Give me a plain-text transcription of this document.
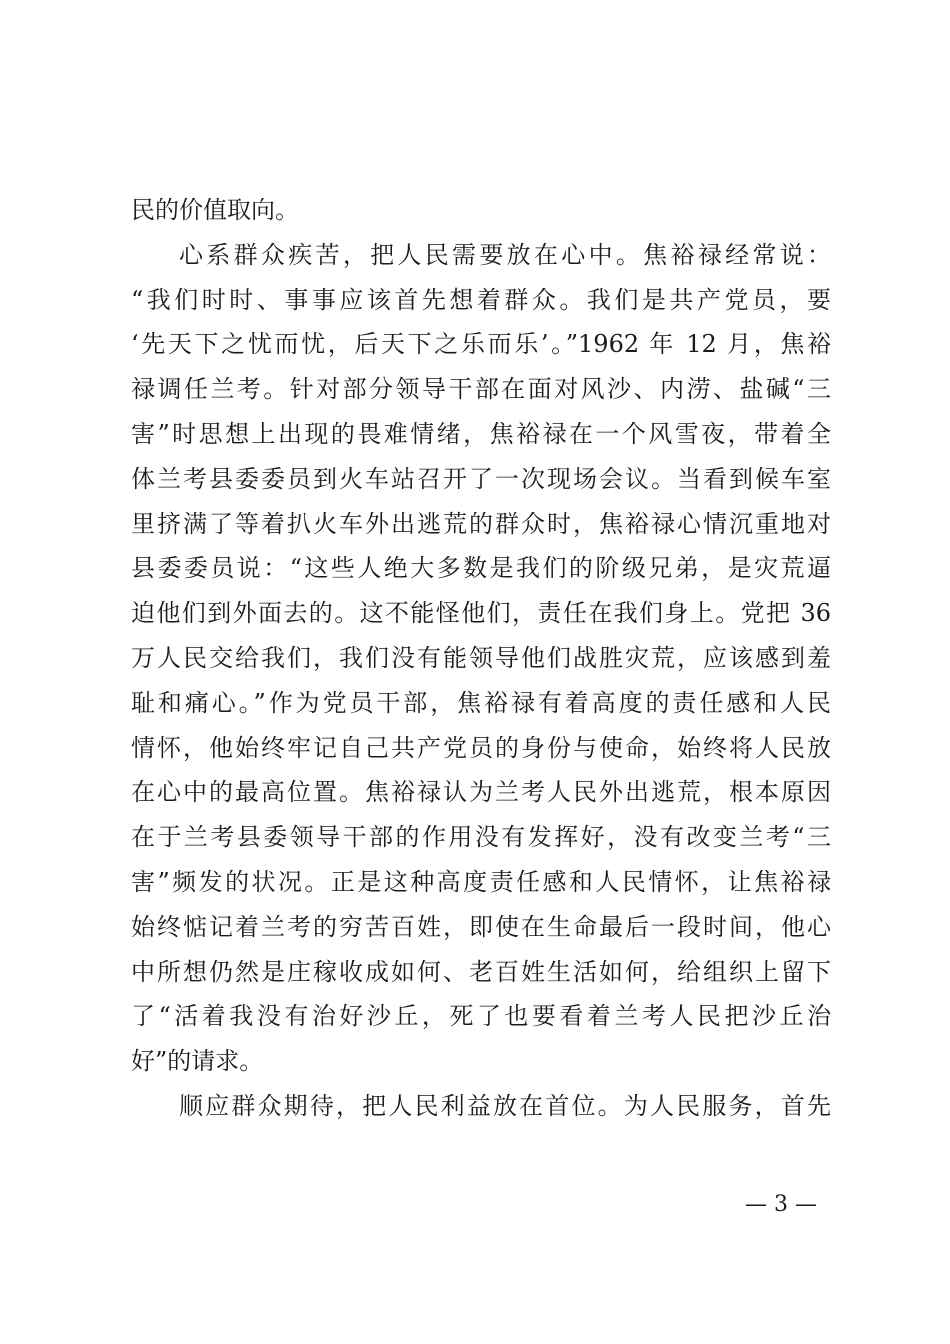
民的价值取向。
心系群众疾苦，把人民需要放在心中。焦裕禄经常说：
“我们时时、事事应该首先想着群众。我们是共产党员，要
‘先天下之忧而忧，后天下之乐而乐’。”1962 年 12 月，焦裕
禄调任兰考。针对部分领导干部在面对风沙、内涝、盐碱“三
害”时思想上出现的畏难情绪，焦裕禄在一个风雪夜，带着全
体兰考县委委员到火车站召开了一次现场会议。当看到候车室
里挤满了等着扒火车外出逃荒的群众时，焦裕禄心情沉重地对
县委委员说：“这些人绝大多数是我们的阶级兄弟，是灾荒逼
迫他们到外面去的。这不能怪他们，责任在我们身上。党把 36
万人民交给我们，我们没有能领导他们战胜灾荒，应该感到羞
耻和痛心。”作为党员干部，焦裕禄有着高度的责任感和人民
情怀，他始终牢记自己共产党员的身份与使命，始终将人民放
在心中的最高位置。焦裕禄认为兰考人民外出逃荒，根本原因
在于兰考县委领导干部的作用没有发挥好，没有改变兰考“三
害”频发的状况。正是这种高度责任感和人民情怀，让焦裕禄
始终惦记着兰考的穷苦百姓，即使在生命最后一段时间，他心
中所想仍然是庄稼收成如何、老百姓生活如何，给组织上留下
了“活着我没有治好沙丘，死了也要看着兰考人民把沙丘治
好”的请求。
顺应群众期待，把人民利益放在首位。为人民服务，首先
— 3 —
